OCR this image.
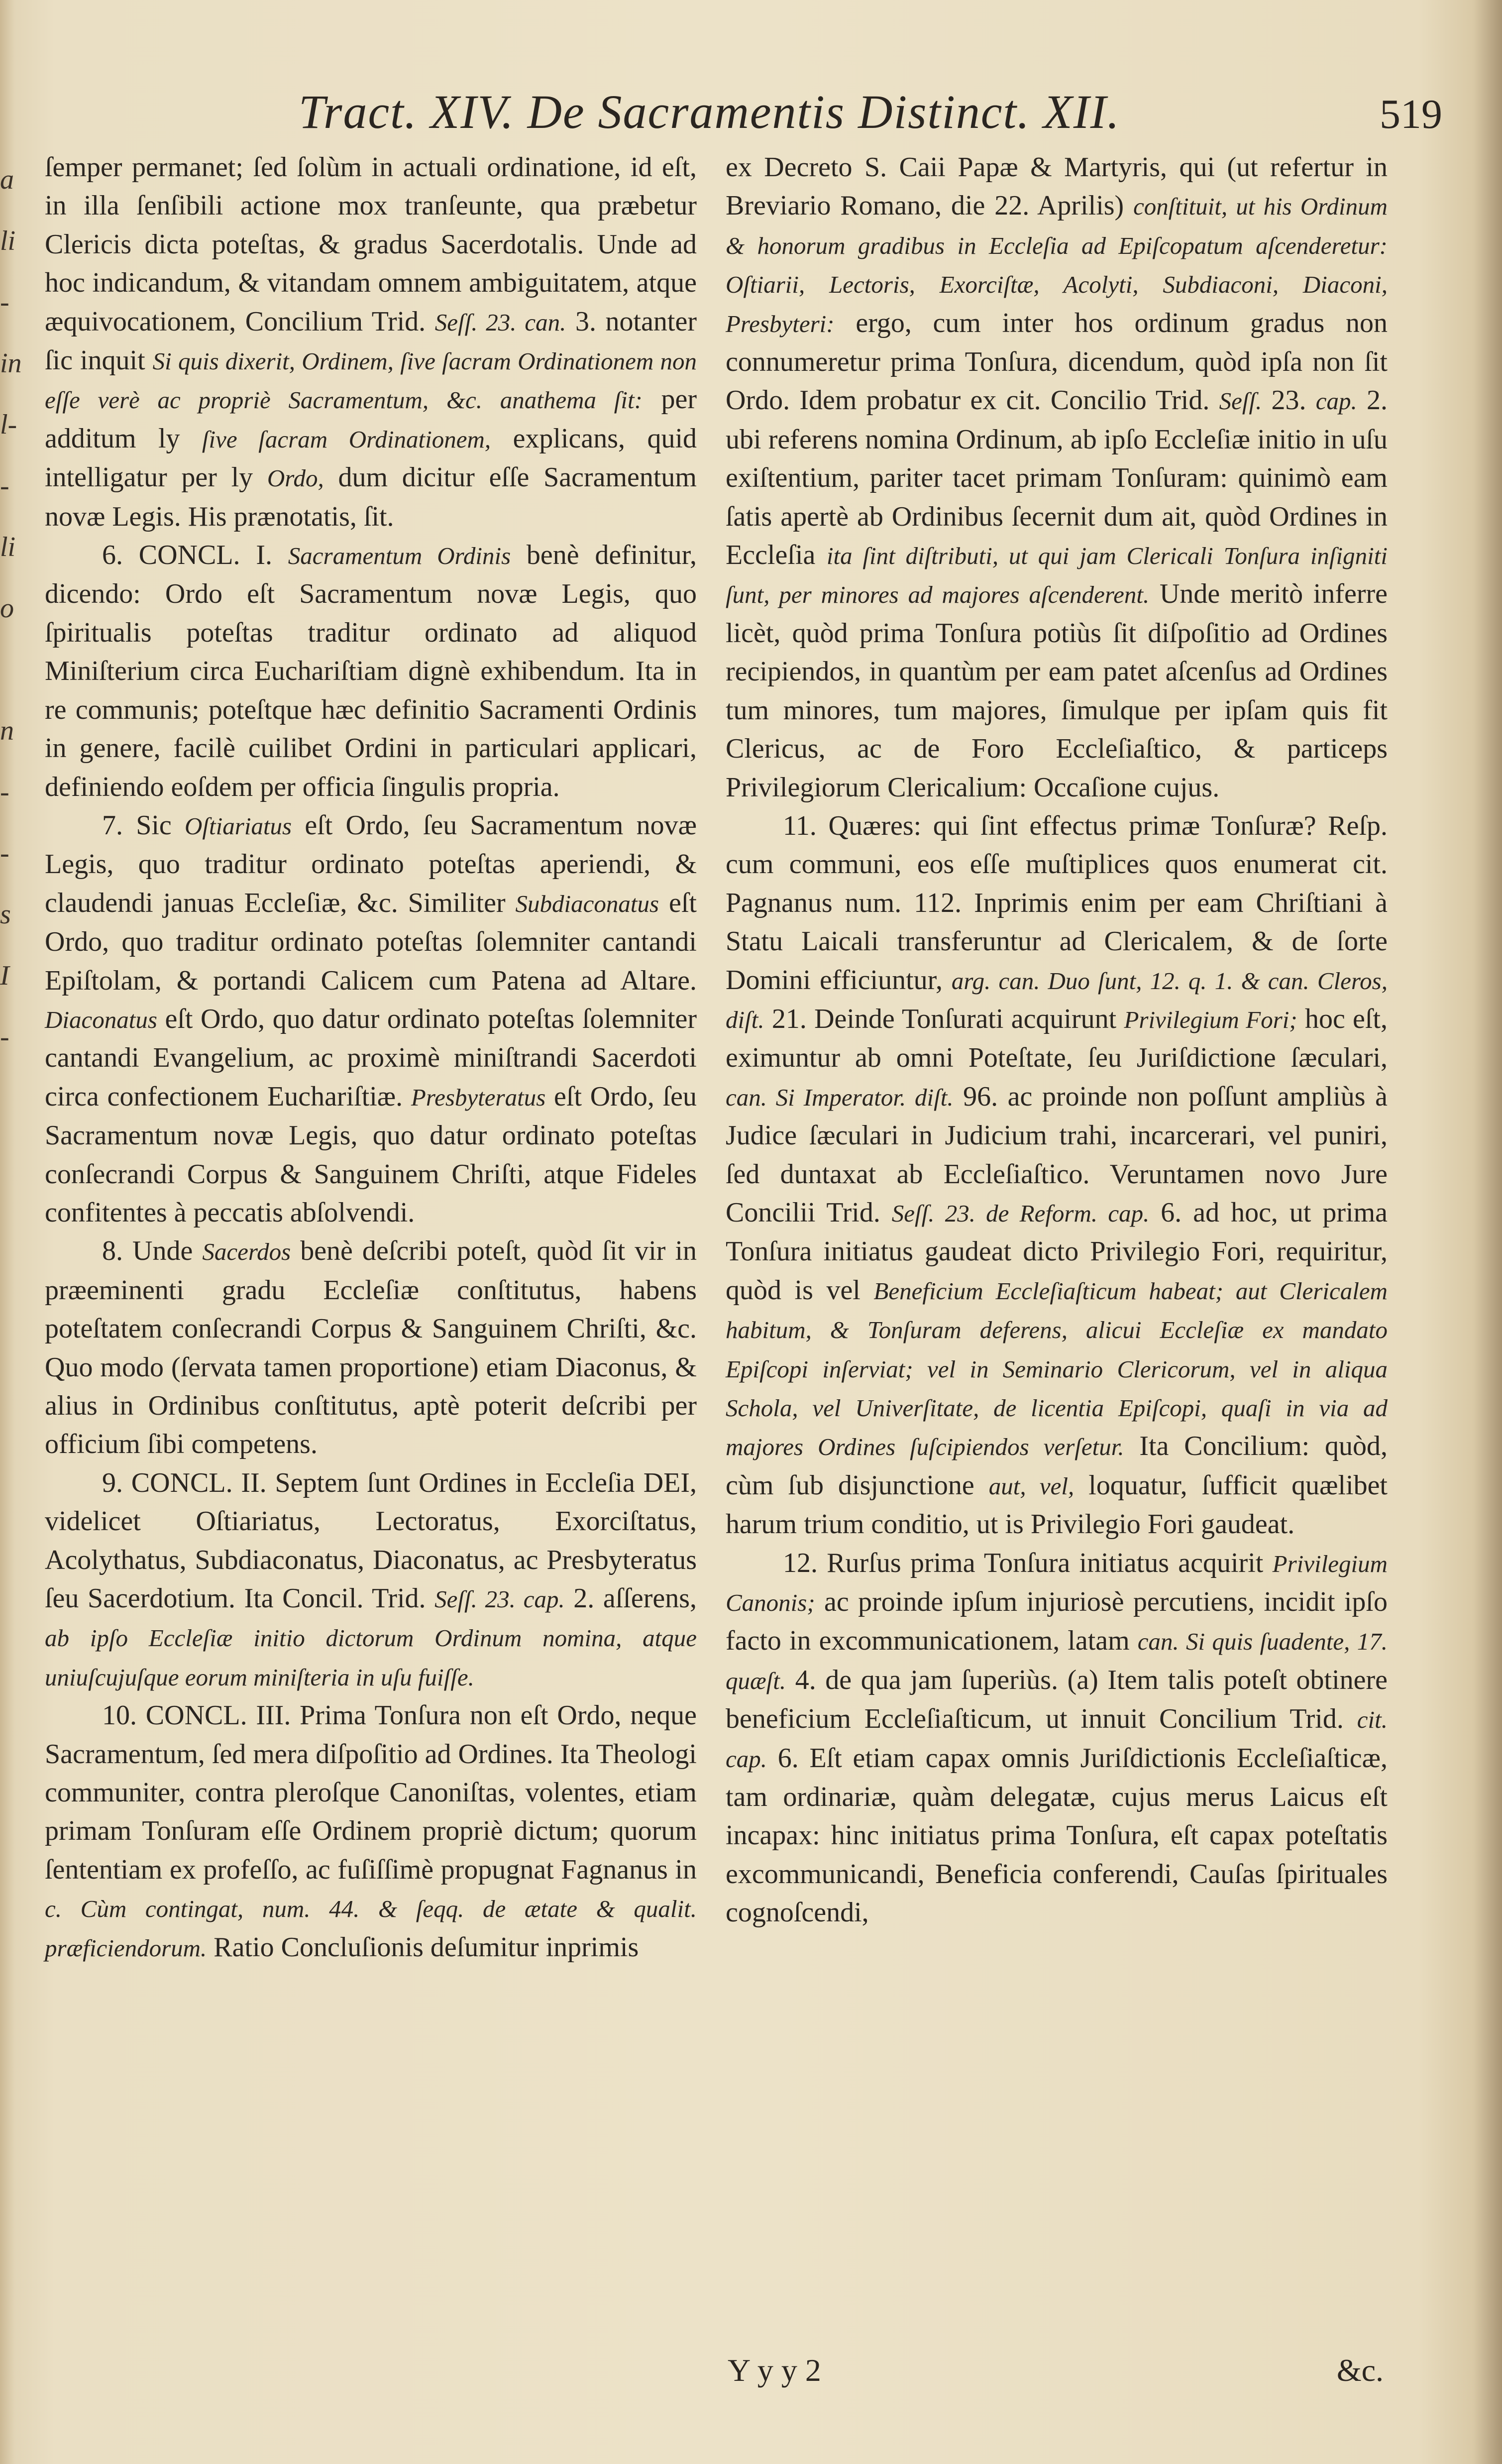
a
li
-
in
l-
-
li
o
n
-
-
s
I
-
Tract. XIV. De Sacramentis Distinct. XII.	519

ſemper permanet; ſed ſolùm in actuali ordinatione, id eſt, in illa ſenſibili actione mox tranſeunte, qua præbetur Clericis dicta poteſtas, & gradus Sacerdotalis. Unde ad hoc indicandum, & vitandam omnem ambiguitatem, atque æquivocationem, Concilium Trid. Seſſ. 23. can. 3. notanter ſic inquit Si quis dixerit, Ordinem, ſive ſacram Ordinationem non eſſe verè ac propriè Sacramentum, &c. anathema ſit: per additum ly ſive ſacram Ordinationem, explicans, quid intelligatur per ly Ordo, dum dicitur eſſe Sacramentum novæ Legis. His prænotatis, ſit.

6. CONCL. I. Sacramentum Ordinis benè definitur, dicendo: Ordo eſt Sacramentum novæ Legis, quo ſpiritualis poteſtas traditur ordinato ad aliquod Miniſterium circa Euchariſtiam dignè exhibendum. Ita in re communis; poteſtque hæc definitio Sacramenti Ordinis in genere, facilè cuilibet Ordini in particulari applicari, definiendo eoſdem per officia ſingulis propria.

7. Sic Oſtiariatus eſt Ordo, ſeu Sacramentum novæ Legis, quo traditur ordinato poteſtas aperiendi, & claudendi januas Eccleſiæ, &c. Similiter Subdiaconatus eſt Ordo, quo traditur ordinato poteſtas ſolemniter cantandi Epiſtolam, & portandi Calicem cum Patena ad Altare. Diaconatus eſt Ordo, quo datur ordinato poteſtas ſolemniter cantandi Evangelium, ac proximè miniſtrandi Sacerdoti circa confectionem Euchariſtiæ. Presbyteratus eſt Ordo, ſeu Sacramentum novæ Legis, quo datur ordinato poteſtas conſecrandi Corpus & Sanguinem Chriſti, atque Fideles confitentes à peccatis abſolvendi.

8. Unde Sacerdos benè deſcribi poteſt, quòd ſit vir in præeminenti gradu Eccleſiæ conſtitutus, habens poteſtatem conſecrandi Corpus & Sanguinem Chriſti, &c. Quo modo (ſervata tamen proportione) etiam Diaconus, & alius in Ordinibus conſtitutus, aptè poterit deſcribi per officium ſibi competens.

9. CONCL. II. Septem ſunt Ordines in Eccleſia DEI, videlicet Oſtiariatus, Lectoratus, Exorciſtatus, Acolythatus, Subdiaconatus, Diaconatus, ac Presbyteratus ſeu Sacerdotium. Ita Concil. Trid. Seſſ. 23. cap. 2. aſſerens, ab ipſo Eccleſiæ initio dictorum Ordinum nomina, atque uniuſcujuſque eorum miniſteria in uſu fuiſſe.

10. CONCL. III. Prima Tonſura non eſt Ordo, neque Sacramentum, ſed mera diſpoſitio ad Ordines. Ita Theologi communiter, contra pleroſque Canoniſtas, volentes, etiam primam Tonſuram eſſe Ordinem propriè dictum; quorum ſententiam ex profeſſo, ac fuſiſſimè propugnat Fagnanus in c. Cùm contingat, num. 44. & ſeqq. de ætate & qualit. præficiendorum. Ratio Concluſionis deſumitur inprimis

ex Decreto S. Caii Papæ & Martyris, qui (ut refertur in Breviario Romano, die 22. Aprilis) conſtituit, ut his Ordinum & honorum gradibus in Eccleſia ad Epiſcopatum aſcenderetur: Oſtiarii, Lectoris, Exorciſtæ, Acolyti, Subdiaconi, Diaconi, Presbyteri: ergo, cum inter hos ordinum gradus non connumeretur prima Tonſura, dicendum, quòd ipſa non ſit Ordo. Idem probatur ex cit. Concilio Trid. Seſſ. 23. cap. 2. ubi referens nomina Ordinum, ab ipſo Eccleſiæ initio in uſu exiſtentium, pariter tacet primam Tonſuram: quinimò eam ſatis apertè ab Ordinibus ſecernit dum ait, quòd Ordines in Eccleſia ita ſint diſtributi, ut qui jam Clericali Tonſura inſigniti ſunt, per minores ad majores aſcenderent. Unde meritò inferre licèt, quòd prima Tonſura potiùs ſit diſpoſitio ad Ordines recipiendos, in quantùm per eam patet aſcenſus ad Ordines tum minores, tum majores, ſimulque per ipſam quis fit Clericus, ac de Foro Eccleſiaſtico, & particeps Privilegiorum Clericalium: Occaſione cujus.

11. Quæres: qui ſint effectus primæ Tonſuræ? Reſp. cum communi, eos eſſe muſtiplices quos enumerat cit. Pagnanus num. 112. Inprimis enim per eam Chriſtiani à Statu Laicali transferuntur ad Clericalem, & de ſorte Domini efficiuntur, arg. can. Duo ſunt, 12. q. 1. & can. Cleros, diſt. 21. Deinde Tonſurati acquirunt Privilegium Fori; hoc eſt, eximuntur ab omni Poteſtate, ſeu Juriſdictione ſæculari, can. Si Imperator. diſt. 96. ac proinde non poſſunt ampliùs à Judice ſæculari in Judicium trahi, incarcerari, vel puniri, ſed duntaxat ab Eccleſiaſtico. Veruntamen novo Jure Concilii Trid. Seſſ. 23. de Reform. cap. 6. ad hoc, ut prima Tonſura initiatus gaudeat dicto Privilegio Fori, requiritur, quòd is vel Beneficium Eccleſiaſticum habeat; aut Clericalem habitum, & Tonſuram deferens, alicui Eccleſiæ ex mandato Epiſcopi inſerviat; vel in Seminario Clericorum, vel in aliqua Schola, vel Univerſitate, de licentia Epiſcopi, quaſi in via ad majores Ordines ſuſcipiendos verſetur. Ita Concilium: quòd, cùm ſub disjunctione aut, vel, loquatur, ſufficit quælibet harum trium conditio, ut is Privilegio Fori gaudeat.

12. Rurſus prima Tonſura initiatus acquirit Privilegium Canonis; ac proinde ipſum injuriosè percutiens, incidit ipſo facto in excommunicationem, latam can. Si quis ſuadente, 17. quæſt. 4. de qua jam ſuperiùs. (a) Item talis poteſt obtinere beneficium Eccleſiaſticum, ut innuit Concilium Trid. cit. cap. 6. Eſt etiam capax omnis Juriſdictionis Eccleſiaſticæ, tam ordinariæ, quàm delegatæ, cujus merus Laicus eſt incapax: hinc initiatus prima Tonſura, eſt capax poteſtatis excommunicandi, Beneficia conferendi, Cauſas ſpirituales cognoſcendi,

Y y y 2	&c.
